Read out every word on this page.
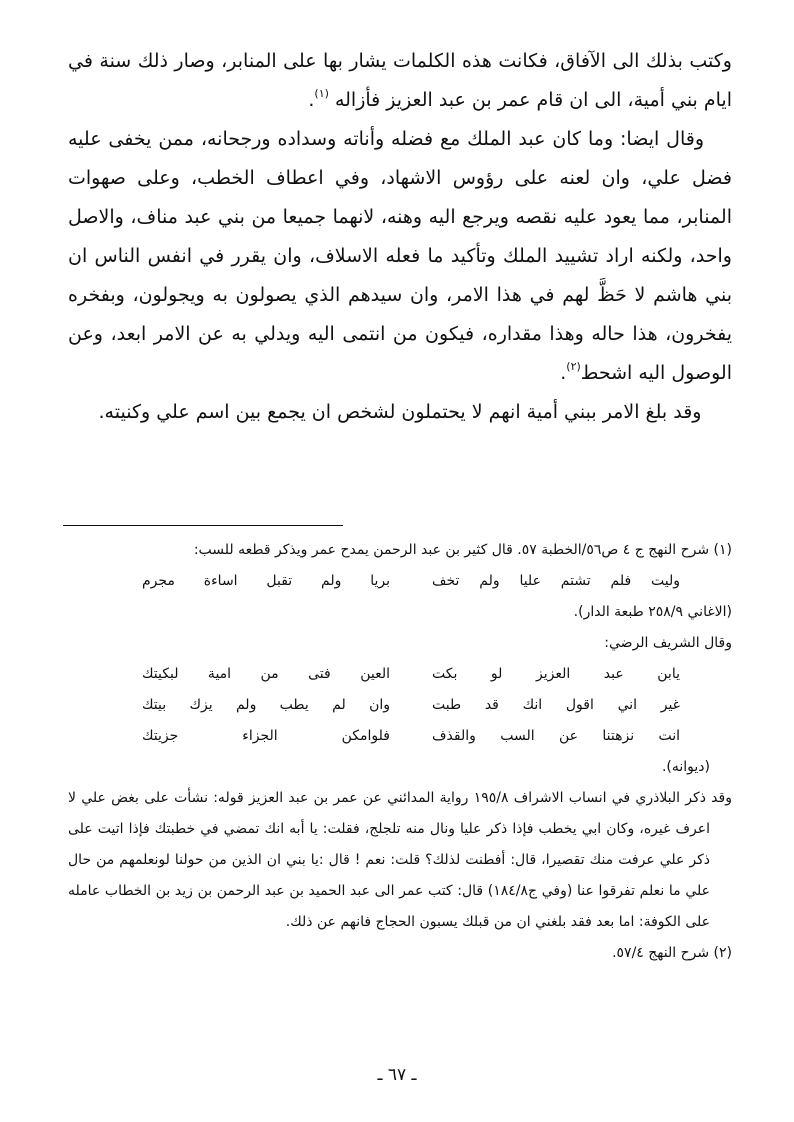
وكتب بذلك الى الآفاق، فكانت هذه الكلمات يشار بها على المنابر، وصار ذلك سنة في ايام بني أمية، الى ان قام عمر بن عبد العزيز فأزاله $^{(١)}$.

وقال ايضا: وما كان عبد الملك مع فضله وأناته وسداده ورجحانه، ممن يخفى عليه فضل علي، وان لعنه على رؤوس الاشهاد، وفي اعطاف الخطب، وعلى صهوات المنابر، مما يعود عليه نقصه ويرجع اليه وهنه، لانهما جميعا من بني عبد مناف، والاصل واحد، ولكنه اراد تشييد الملك وتأكيد ما فعله الاسلاف، وان يقرر في انفس الناس ان بني هاشم لا حَظَّ لهم في هذا الامر، وان سيدهم الذي يصولون به ويجولون، وبفخره يفخرون، هذا حاله وهذا مقداره، فيكون من انتمى اليه ويدلي به عن الامر ابعد، وعن الوصول اليه اشحط$^{(٢)}$.

وقد بلغ الامر ببني أمية انهم لا يحتملون لشخص ان يجمع بين اسم علي وكنيته.

(١) شرح النهج ج ٤ ص٥٦/الخطبة ٥٧. قال كثير بن عبد الرحمن يمدح عمر ويذكر قطعه للسب:

وليت فلم تشتم عليا ولم تخف
بريا ولم تقبل اساءة مجرم

(الاغاني ٢٥٨/٩ طبعة الدار).

وقال الشريف الرضي:

يابن عبد العزيز لو بكت
العين فتى من امية لبكيتك
غير اني اقول انك قد طبت
وان لم يطب ولم يزك بيتك
انت نزهتنا عن السب والقذف
فلوامكن الجزاء جزيتك

(ديوانه).

وقد ذكر البلاذري في انساب الاشراف ١٩٥/٨ رواية المدائني عن عمر بن عبد العزيز قوله: نشأت على بغض علي لا اعرف غيره، وكان ابي يخطب فإذا ذكر عليا ونال منه تلجلج، فقلت: يا أبه انك تمضي في خطبتك فإذا اتيت على ذكر علي عرفت منك تقصيرا، قال: أفطنت لذلك؟ قلت: نعم ! قال :يا بني ان الذين من حولنا لونعلمهم من حال علي ما نعلم تفرقوا عنا (وفي ج١٨٤/٨) قال: كتب عمر الى عبد الحميد بن عبد الرحمن بن زيد بن الخطاب عامله على الكوفة: اما بعد فقد بلغني ان من قبلك يسبون الحجاج فانهم عن ذلك.

(٢) شرح النهج ٥٧/٤.

ـ ٦٧ ـ
